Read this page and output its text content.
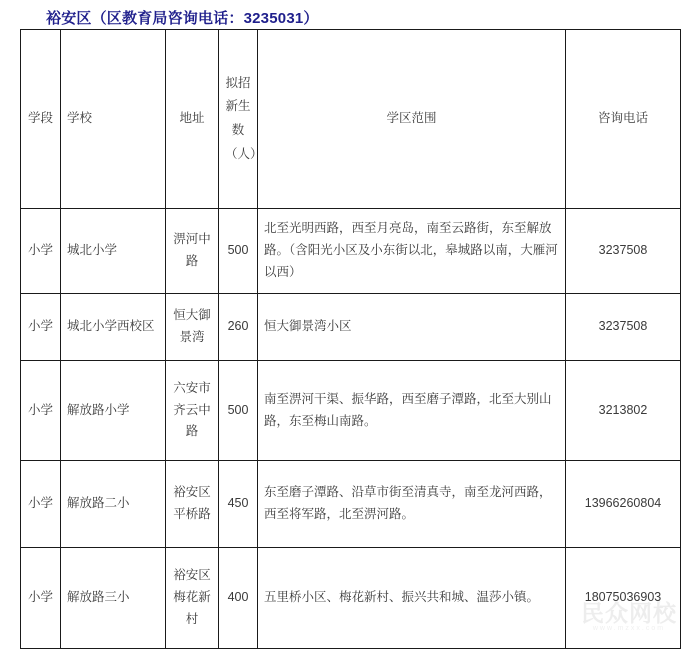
裕安区（区教育局咨询电话：3235031）
学段	学校	地址	拟招新生数（人）	学区范围	咨询电话
小学	城北小学	淠河中路	500	北至光明西路，西至月亮岛，南至云路街，东至解放路。（含阳光小区及小东街以北，皋城路以南，大雁河以西）	3237508
小学	城北小学西校区	恒大御景湾	260	恒大御景湾小区	3237508
小学	解放路小学	六安市齐云中路	500	南至淠河干渠、振华路，西至磨子潭路，北至大别山路，东至梅山南路。	3213802
小学	解放路二小	裕安区平桥路	450	东至磨子潭路、沿草市街至清真寺，南至龙河西路，西至将军路，北至淠河路。	13966260804
小学	解放路三小	裕安区梅花新村	400	五里桥小区、梅花新村、振兴共和城、温莎小镇。	18075036903
民众网校
www.mzxx.com
